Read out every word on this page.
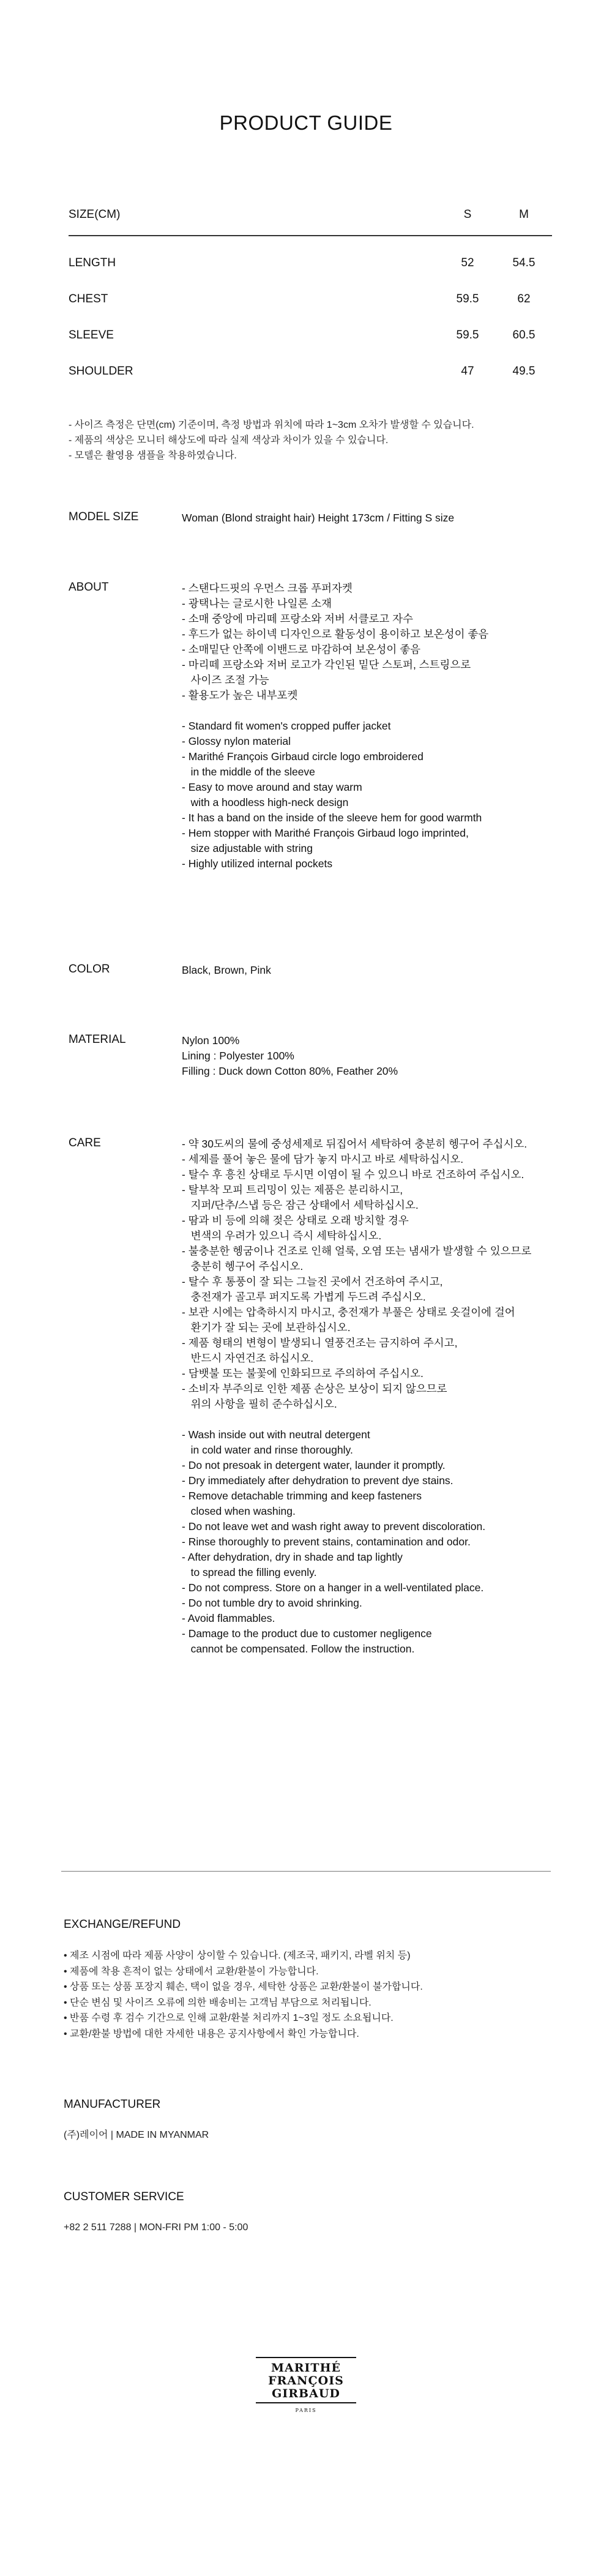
PRODUCT GUIDE
SIZE(CM)	S	M

LENGTH	52	54.5
CHEST	59.5	62
SLEEVE	59.5	60.5
SHOULDER	47	49.5
- 사이즈 측정은 단면(cm) 기준이며, 측정 방법과 위치에 따라 1~3cm 오차가 발생할 수 있습니다.
- 제품의 색상은 모니터 해상도에 따라 실제 색상과 차이가 있을 수 있습니다.
- 모델은 촬영용 샘플을 착용하였습니다.
MODEL SIZE	Woman (Blond straight hair) Height 173cm / Fitting S size
ABOUT	- 스탠다드핏의 우먼스 크롭 푸퍼자켓
- 광택나는 글로시한 나일론 소재
- 소매 중앙에 마리떼 프랑소와 저버 서클로고 자수
- 후드가 없는 하이넥 디자인으로 활동성이 용이하고 보온성이 좋음
- 소매밑단 안쪽에 이밴드로 마감하여 보온성이 좋음
- 마리떼 프랑소와 저버 로고가 각인된 밑단 스토퍼, 스트링으로
사이즈 조절 가능
- 활용도가 높은 내부포켓

- Standard fit women's cropped puffer jacket
- Glossy nylon material
- Marithé François Girbaud circle logo embroidered
in the middle of the sleeve
- Easy to move around and stay warm
with a hoodless high-neck design
- It has a band on the inside of the sleeve hem for good warmth
- Hem stopper with Marithé François Girbaud logo imprinted,
size adjustable with string
- Highly utilized internal pockets
COLOR	Black, Brown, Pink
MATERIAL	Nylon 100%
Lining : Polyester 100%
Filling : Duck down Cotton 80%, Feather 20%
CARE	- 약 30도씨의 물에 중성세제로 뒤집어서 세탁하여 충분히 헹구어 주십시오.
- 세제를 풀어 놓은 물에 담가 놓지 마시고 바로 세탁하십시오.
- 탈수 후 흥친 상태로 두시면 이염이 될 수 있으니 바로 건조하여 주십시오.
- 탈부착 모피 트리밍이 있는 제품은 분리하시고,
지퍼/단추/스냅 등은 잠근 상태에서 세탁하십시오.
- 땀과 비 등에 의해 젖은 상태로 오래 방치할 경우
변색의 우려가 있으니 즉시 세탁하십시오.
- 불충분한 헹굼이나 건조로 인해 얼룩, 오염 또는 냄새가 발생할 수 있으므로
충분히 헹구어 주십시오.
- 탈수 후 통풍이 잘 되는 그늘진 곳에서 건조하여 주시고,
충전재가 골고루 퍼지도록 가볍게 두드려 주십시오.
- 보관 시에는 압축하시지 마시고, 충전재가 부풀은 상태로 옷걸이에 걸어
환기가 잘 되는 곳에 보관하십시오.
- 제품 형태의 변형이 발생되니 열풍건조는 금지하여 주시고,
반드시 자연건조 하십시오.
- 담뱃불 또는 불꽃에 인화되므로 주의하여 주십시오.
- 소비자 부주의로 인한 제품 손상은 보상이 되지 않으므로
위의 사항을 필히 준수하십시오.

- Wash inside out with neutral detergent
in cold water and rinse thoroughly.
- Do not presoak in detergent water, launder it promptly.
- Dry immediately after dehydration to prevent dye stains.
- Remove detachable trimming and keep fasteners
closed when washing.
- Do not leave wet and wash right away to prevent discoloration.
- Rinse thoroughly to prevent stains, contamination and odor.
- After dehydration, dry in shade and tap lightly
to spread the filling evenly.
- Do not compress. Store on a hanger in a well-ventilated place.
- Do not tumble dry to avoid shrinking.
- Avoid flammables.
- Damage to the product due to customer negligence
cannot be compensated. Follow the instruction.
EXCHANGE/REFUND
• 제조 시점에 따라 제품 사양이 상이할 수 있습니다. (제조국, 패키지, 라벨 위치 등)
• 제품에 착용 흔적이 없는 상태에서 교환/환불이 가능합니다.
• 상품 또는 상품 포장지 훼손, 택이 없을 경우, 세탁한 상품은 교환/환불이 불가합니다.
• 단순 변심 및 사이즈 오류에 의한 배송비는 고객님 부담으로 처리됩니다.
• 반품 수령 후 검수 기간으로 인해 교환/환불 처리까지 1~3일 정도 소요됩니다.
• 교환/환불 방법에 대한 자세한 내용은 공지사항에서 확인 가능합니다.
MANUFACTURER
(주)레이어 | MADE IN MYANMAR
CUSTOMER SERVICE
+82 2 511 7288 | MON-FRI PM 1:00 - 5:00
MARITHÉ
FRANÇOIS
GIRBAUD
PARIS
